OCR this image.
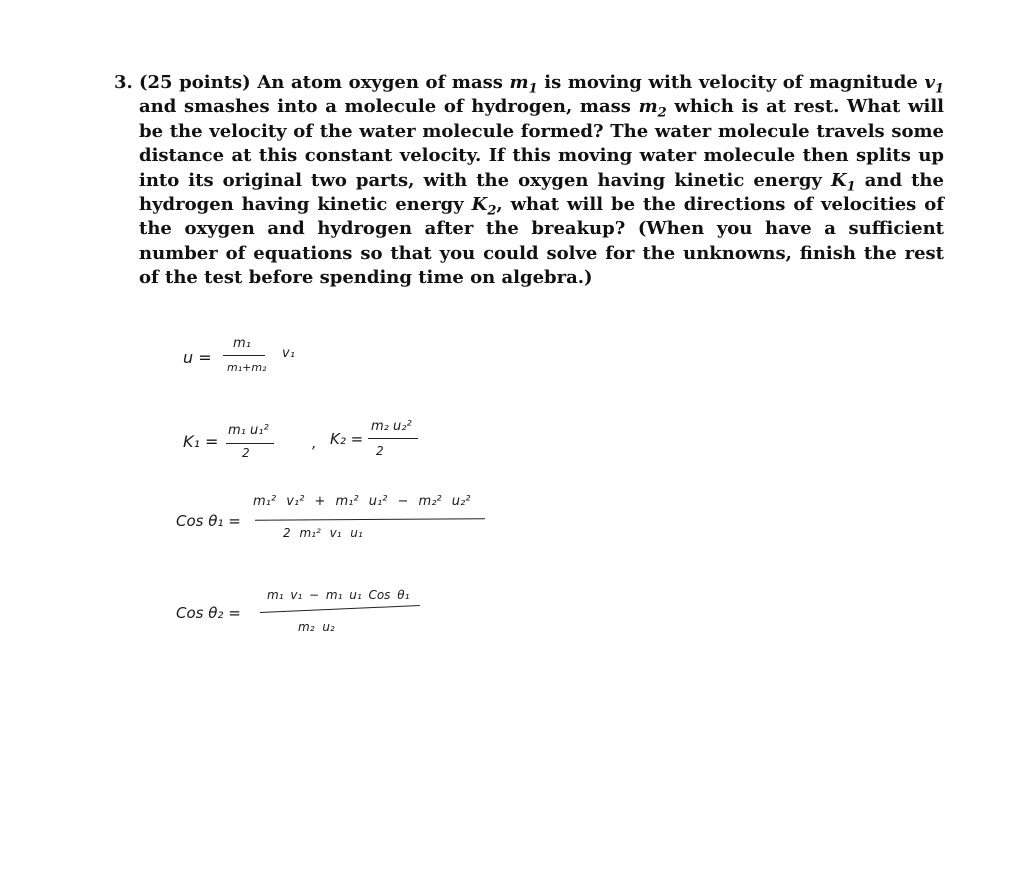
3. (25 points) An atom oxygen of mass $m_1$ is moving with velocity of magnitude $v_1$ and smashes into a molecule of hydrogen, mass $m_2$ which is at rest. What will be the velocity of the water molecule formed? The water molecule travels some distance at this constant velocity. If this moving water molecule then splits up into its original two parts, with the oxygen having kinetic energy $K_1$ and the hydrogen having kinetic energy $K_2$, what will be the directions of velocities of the oxygen and hydrogen after the breakup? (When you have a sufficient number of equations so that you could solve for the unknowns, finish the rest of the test before spending time on algebra.)
u =
m₁
m₁+m₂
v₁
K₁ =
m₁ u₁²
2
, K₂ =
m₂ u₂²
2
Cos θ₁ =
m₁² v₁² + m₁² u₁² − m₂² u₂²
2 m₁² v₁ u₁
Cos θ₂ =
m₁ v₁ − m₁ u₁ Cos θ₁
m₂ u₂
